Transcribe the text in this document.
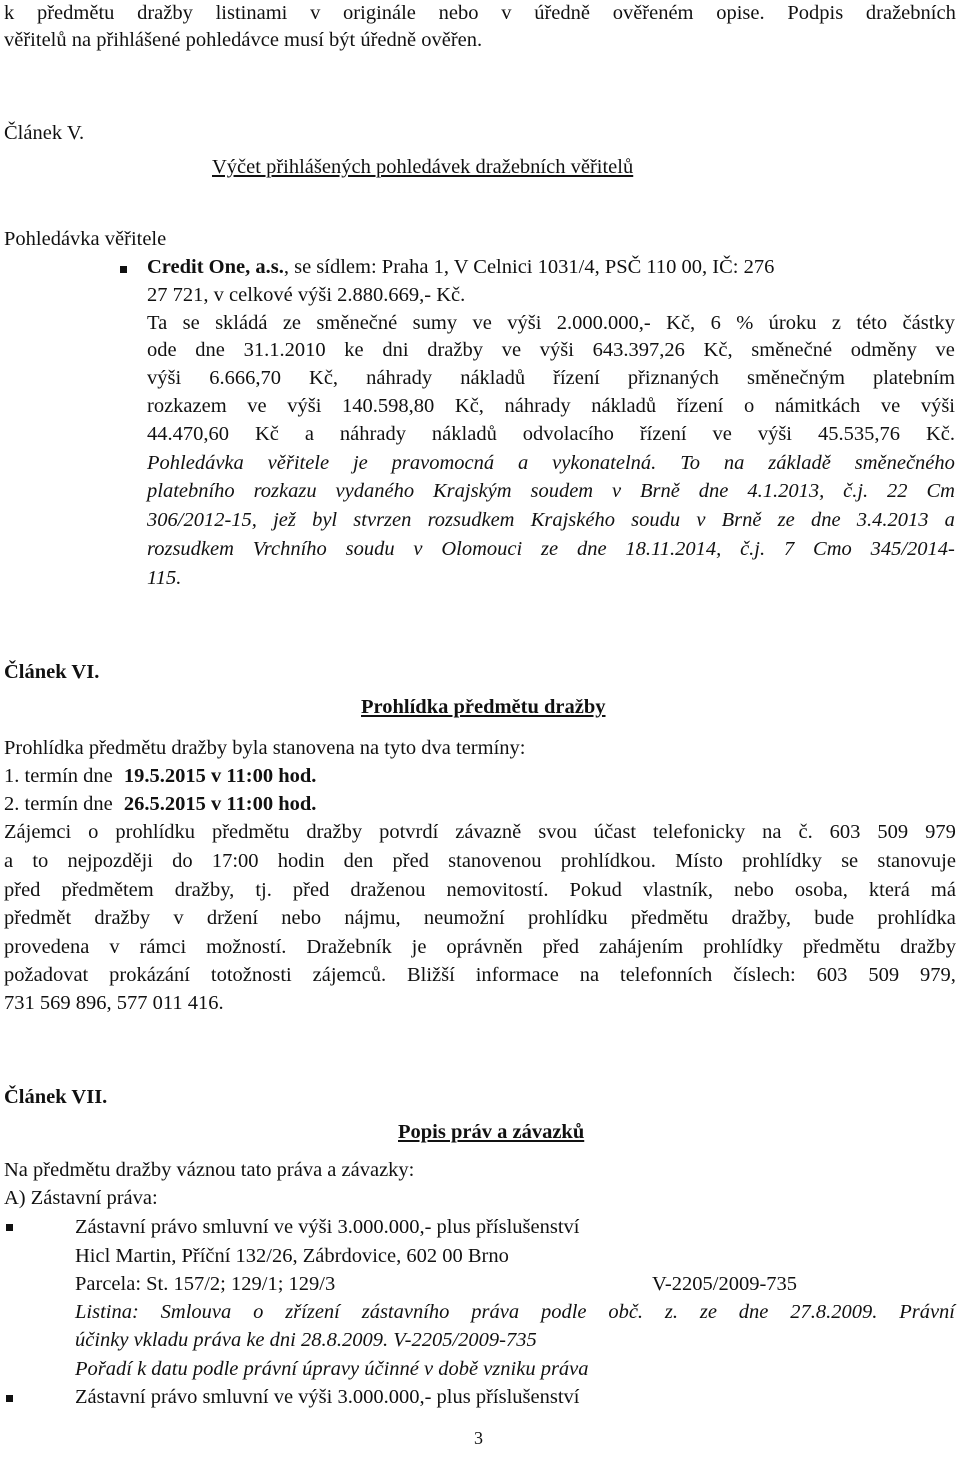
k předmětu dražby listinami v originále nebo v úředně ověřeném opise. Podpis dražebních
věřitelů na přihlášené pohledávce musí být úředně ověřen.
Článek V.
Výčet přihlášených pohledávek dražebních věřitelů
Pohledávka věřitele
Credit One, a.s., se sídlem: Praha 1, V Celnici 1031/4, PSČ 110 00, IČ: 276
27 721, v celkové výši 2.880.669,- Kč.
Ta se skládá ze směnečné sumy ve výši 2.000.000,- Kč, 6 % úroku z této částky
ode dne 31.1.2010 ke dni dražby ve výši 643.397,26 Kč, směnečné odměny ve
výši 6.666,70 Kč, náhrady nákladů řízení přiznaných směnečným platebním
rozkazem ve výši 140.598,80 Kč, náhrady nákladů řízení o námitkách ve výši
44.470,60 Kč a náhrady nákladů odvolacího řízení ve výši 45.535,76 Kč.
Pohledávka věřitele je pravomocná a vykonatelná. To na základě směnečného
platebního rozkazu vydaného Krajským soudem v Brně dne 4.1.2013, č.j. 22 Cm
306/2012-15, jež byl stvrzen rozsudkem Krajského soudu v Brně ze dne 3.4.2013 a
rozsudkem Vrchního soudu v Olomouci ze dne 18.11.2014, č.j. 7 Cmo 345/2014-
115.
Článek VI.
Prohlídka předmětu dražby
Prohlídka předmětu dražby byla stanovena na tyto dva termíny:
1. termín dne 19.5.2015 v 11:00 hod.
2. termín dne 26.5.2015 v 11:00 hod.
Zájemci o prohlídku předmětu dražby potvrdí závazně svou účast telefonicky na č. 603 509 979
a to nejpozději do 17:00 hodin den před stanovenou prohlídkou. Místo prohlídky se stanovuje
před předmětem dražby, tj. před draženou nemovitostí. Pokud vlastník, nebo osoba, která má
předmět dražby v držení nebo nájmu, neumožní prohlídku předmětu dražby, bude prohlídka
provedena v rámci možností. Dražebník je oprávněn před zahájením prohlídky předmětu dražby
požadovat prokázání totožnosti zájemců. Bližší informace na telefonních číslech: 603 509 979,
731 569 896, 577 011 416.
Článek VII.
Popis práv a závazků
Na předmětu dražby váznou tato práva a závazky:
A) Zástavní práva:
Zástavní právo smluvní ve výši 3.000.000,- plus příslušenství
Hicl Martin, Příční 132/26, Zábrdovice, 602 00 Brno
Parcela: St. 157/2; 129/1; 129/3	V-2205/2009-735
Listina: Smlouva o zřízení zástavního práva podle obč. z. ze dne 27.8.2009. Právní
účinky vkladu práva ke dni 28.8.2009. V-2205/2009-735
Pořadí k datu podle právní úpravy účinné v době vzniku práva
Zástavní právo smluvní ve výši 3.000.000,- plus příslušenství
3
